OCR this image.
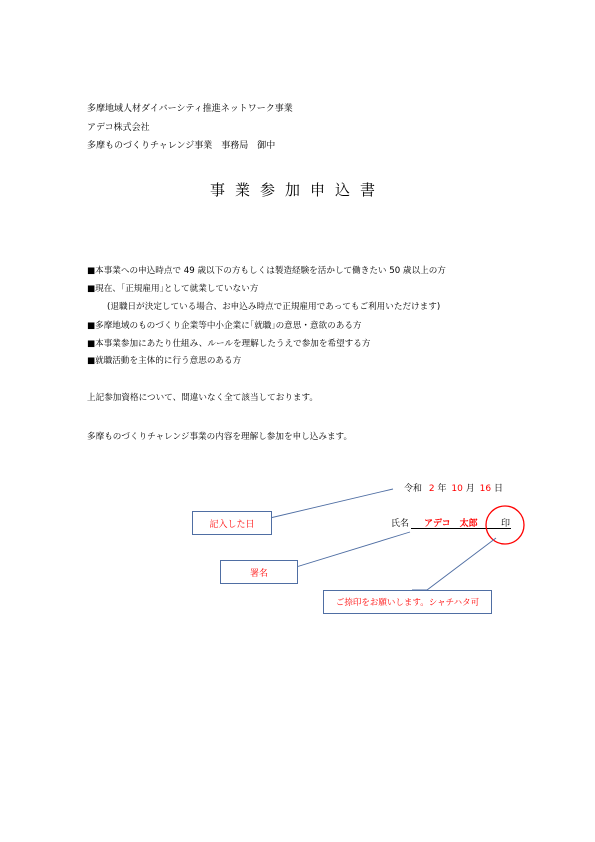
多摩地域人材ダイバーシティ推進ネットワーク事業
アデコ株式会社
多摩ものづくりチャレンジ事業　事務局　御中
事業参加申込書
■本事業への申込時点で 49 歳以下の方もしくは製造経験を活かして働きたい 50 歳以上の方
■現在、｢正規雇用｣として就業していない方
(退職日が決定している場合、お申込み時点で正規雇用であってもご利用いただけます)
■多摩地域のものづくり企業等中小企業に｢就職｣の意思・意欲のある方
■本事業参加にあたり仕組み、ルールを理解したうえで参加を希望する方
■就職活動を主体的に行う意思のある方
上記参加資格について、間違いなく全て該当しております。
多摩ものづくりチャレンジ事業の内容を理解し参加を申し込みます。
令和 2 年 10 月 16 日
氏名 アデコ　太郎	印
記入した日
署名
ご捺印をお願いします。シャチハタ可
